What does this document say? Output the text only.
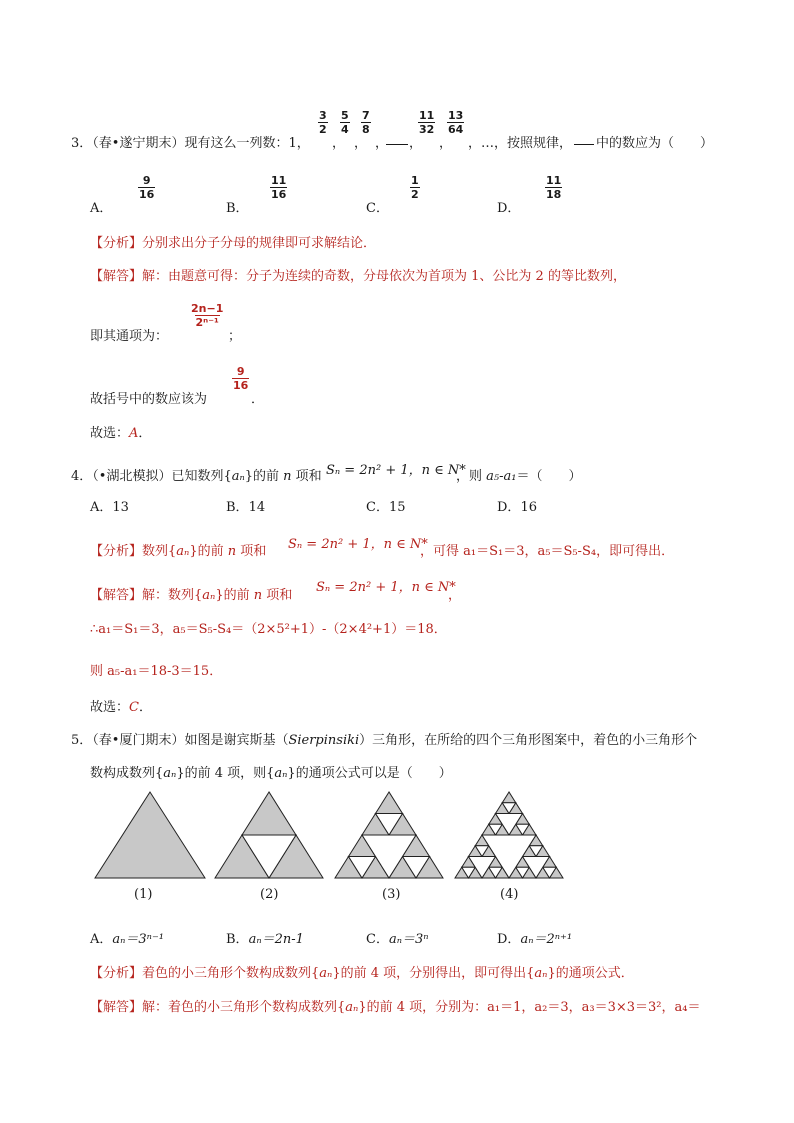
3．（春•遂宁期末）现有这么一列数：1，
$\frac{3}{2}$
，
$\frac{5}{4}$
，
$\frac{7}{8}$
， ，
$\frac{11}{32}$
，
$\frac{13}{64}$
，…，按照规律， 中的数应为（　　）
A．
$\frac{9}{16}$
B．
$\frac{11}{16}$
C．
$\frac{1}{2}$
D．
$\frac{11}{18}$
【分析】分别求出分子分母的规律即可求解结论．
【解答】解：由题意可得：分子为连续的奇数，分母依次为首项为 1、公比为 2 的等比数列，
即其通项为：
$\frac{2n-1}{\text{2ⁿ⁻¹}}$
；
故括号中的数应该为
$\frac{9}{16}$
．
故选：A．
4．（•湖北模拟）已知数列{aₙ}的前 n 项和 Sₙ = 2n² + 1，n ∈ N*
，则 a₅-a₁＝（　　）
A．13	B．14	C．15	D．16
【分析】数列{aₙ}的前 n 项和 Sₙ = 2n² + 1，n ∈ N*
，可得 a₁＝S₁＝3，a₅＝S₅-S₄，即可得出．
【解答】解：数列{aₙ}的前 n 项和
Sₙ = 2n² + 1，n ∈ N*
，
∴a₁＝S₁＝3，a₅＝S₅-S₄＝（2×5²+1）-（2×4²+1）＝18．
则 a₅-a₁＝18-3＝15．
故选：C．
5．（春•厦门期末）如图是谢宾斯基（Sierpinsiki）三角形，在所给的四个三角形图案中，着色的小三角形个
数构成数列{aₙ}的前 4 项，则{aₙ}的通项公式可以是（　　）
(1)	(2)	(3)	(4)
A．aₙ＝3ⁿ⁻¹	B．aₙ＝2n-1	C．aₙ＝3ⁿ	D．aₙ＝2ⁿ⁺¹
【分析】着色的小三角形个数构成数列{aₙ}的前 4 项，分别得出，即可得出{aₙ}的通项公式．
【解答】解：着色的小三角形个数构成数列{aₙ}的前 4 项，分别为：a₁＝1，a₂＝3，a₃＝3×3＝3²，a₄＝
